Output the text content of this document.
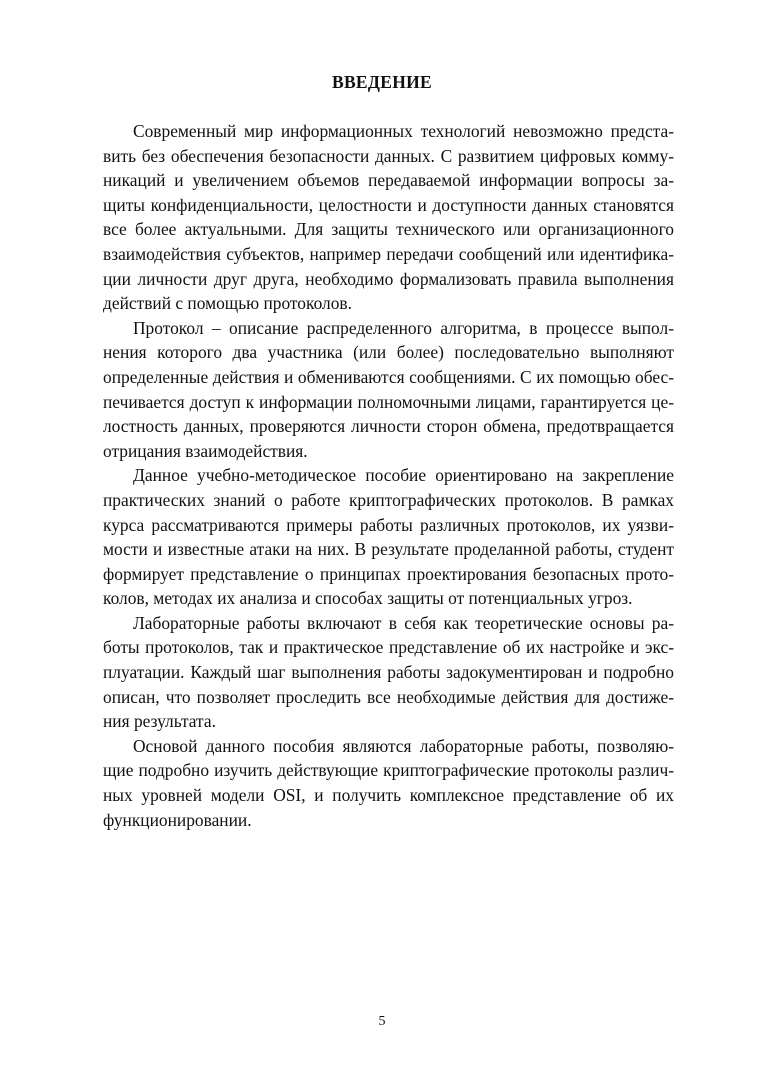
ВВЕДЕНИЕ

Современный мир информационных технологий невозможно предста-
вить без обеспечения безопасности данных. С развитием цифровых комму-
никаций и увеличением объемов передаваемой информации вопросы за-
щиты конфиденциальности, целостности и доступности данных становятся
все более актуальными. Для защиты технического или организационного
взаимодействия субъектов, например передачи сообщений или идентифика-
ции личности друг друга, необходимо формализовать правила выполнения
действий с помощью протоколов.

Протокол – описание распределенного алгоритма, в процессе выпол-
нения которого два участника (или более) последовательно выполняют
определенные действия и обмениваются сообщениями. С их помощью обес-
печивается доступ к информации полномочными лицами, гарантируется це-
лостность данных, проверяются личности сторон обмена, предотвращается
отрицания взаимодействия.

Данное учебно-методическое пособие ориентировано на закрепление
практических знаний о работе криптографических протоколов. В рамках
курса рассматриваются примеры работы различных протоколов, их уязви-
мости и известные атаки на них. В результате проделанной работы, студент
формирует представление о принципах проектирования безопасных прото-
колов, методах их анализа и способах защиты от потенциальных угроз.

Лабораторные работы включают в себя как теоретические основы ра-
боты протоколов, так и практическое представление об их настройке и экс-
плуатации. Каждый шаг выполнения работы задокументирован и подробно
описан, что позволяет проследить все необходимые действия для достиже-
ния результата.

Основой данного пособия являются лабораторные работы, позволяю-
щие подробно изучить действующие криптографические протоколы различ-
ных уровней модели OSI, и получить комплексное представление об их
функционировании.

5
